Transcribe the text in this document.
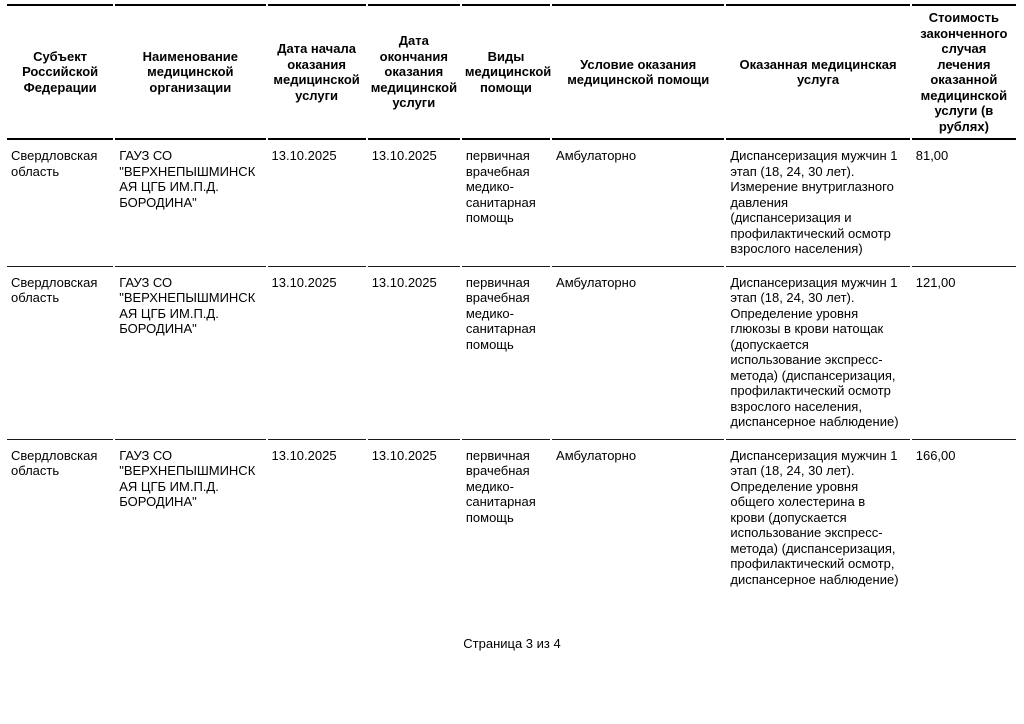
Субъект Российской Федерации	Наименование медицинской организации	Дата начала оказания медицинской услуги	Дата окончания оказания медицинской услуги	Виды медицинской помощи	Условие оказания медицинской помощи	Оказанная медицинская услуга	Стоимость законченного случая лечения оказанной медицинской услуги (в рублях)
Свердловская область	ГАУЗ СО "ВЕРХНЕПЫШМИНСКАЯ ЦГБ ИМ.П.Д. БОРОДИНА"	13.10.2025	13.10.2025	первичная врачебная медико-санитарная помощь	Амбулаторно	Диспансеризация мужчин 1 этап (18, 24, 30 лет). Измерение внутриглазного давления (диспансеризация и профилактический осмотр взрослого населения)	81,00
Свердловская область	ГАУЗ СО "ВЕРХНЕПЫШМИНСКАЯ ЦГБ ИМ.П.Д. БОРОДИНА"	13.10.2025	13.10.2025	первичная врачебная медико-санитарная помощь	Амбулаторно	Диспансеризация мужчин 1 этап (18, 24, 30 лет). Определение уровня глюкозы в крови натощак (допускается использование экспресс-метода) (диспансеризация, профилактический осмотр взрослого населения, диспансерное наблюдение)	121,00
Свердловская область	ГАУЗ СО "ВЕРХНЕПЫШМИНСКАЯ ЦГБ ИМ.П.Д. БОРОДИНА"	13.10.2025	13.10.2025	первичная врачебная медико-санитарная помощь	Амбулаторно	Диспансеризация мужчин 1 этап (18, 24, 30 лет). Определение уровня общего холестерина в крови (допускается использование экспресс-метода) (диспансеризация, профилактический осмотр, диспансерное наблюдение)	166,00
Страница 3 из 4
